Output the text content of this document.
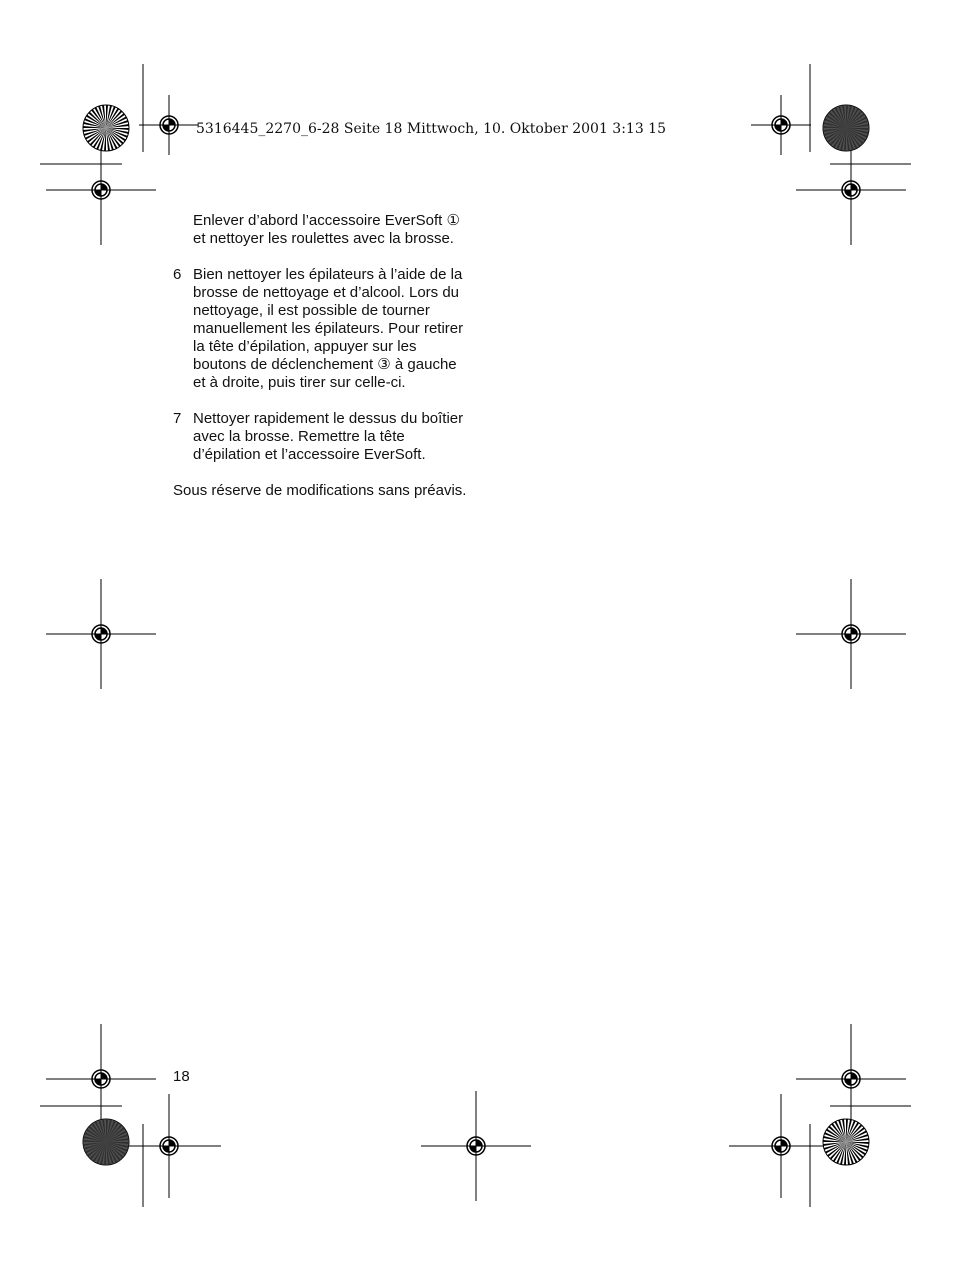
5316445_2270_6-28 Seite 18 Mittwoch, 10. Oktober 2001 3:13 15

Enlever d’abord l’accessoire EverSoft ① et nettoyer les roulettes avec la brosse.

6 Bien nettoyer les épilateurs à l’aide de la brosse de nettoyage et d’alcool. Lors du nettoyage, il est possible de tourner manuellement les épilateurs. Pour retirer la tête d’épilation, appuyer sur les boutons de déclenchement ③ à gauche et à droite, puis tirer sur celle-ci.
7 Nettoyer rapidement le dessus du boîtier avec la brosse. Remettre la tête d’épilation et l’accessoire EverSoft.

Sous réserve de modifications sans préavis.

18
